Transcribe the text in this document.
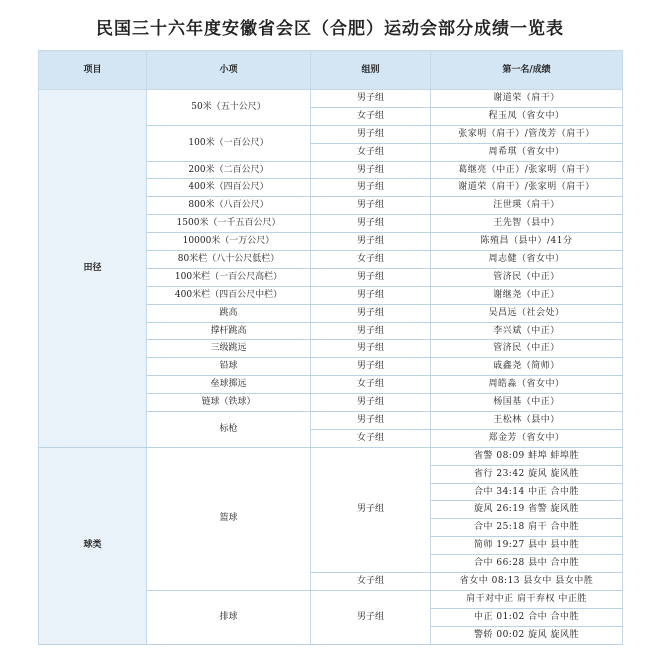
民国三十六年度安徽省会区（合肥）运动会部分成绩一览表
项目	小项	组别	第一名/成绩
田径	50米（五十公尺）	男子组	谢道荣（肩干）
		女子组	程玉凤（省女中）
	100米（一百公尺）	男子组	张家明（肩干）/管茂芳（肩干）
		女子组	周希琪（省女中）
	200米（二百公尺）	男子组	葛继亮（中正）/张家明（肩干）
	400米（四百公尺）	男子组	谢道荣（肩干）/张家明（肩干）
	800米（八百公尺）	男子组	汪世瑛（肩干）
	1500米（一千五百公尺）	男子组	王先智（县中）
	10000米（一万公尺）	男子组	陈殖昌（县中）/41分
	80米栏（八十公尺低栏）	女子组	周志健（省女中）
	100米栏（一百公尺高栏）	男子组	管济民（中正）
	400米栏（四百公尺中栏）	男子组	谢继尧（中正）
	跳高	男子组	吴昌远（社会处）
	撑杆跳高	男子组	李兴斌（中正）
	三级跳远	男子组	管济民（中正）
	铅球	男子组	戚鑫尧（简师）
	垒球掷远	女子组	周皓淼（省女中）
	链球（铁球）	男子组	杨国基（中正）
	标枪	男子组	王松林（县中）
		女子组	郑金芳（省女中）
球类	篮球	男子组	省警 08:09 蚌埠 蚌埠胜
			省行 23:42 旋风 旋风胜
			合中 34:14 中正 合中胜
			旋风 26:19 省警 旋风胜
			合中 25:18 肩干 合中胜
			简师 19:27 县中 县中胜
			合中 66:28 县中 合中胜
		女子组	省女中 08:13 县女中 县女中胜
	排球	男子组	肩干对中正 肩干弃权 中正胜
			中正 01:02 合中 合中胜
			警轿 00:02 旋风 旋风胜
